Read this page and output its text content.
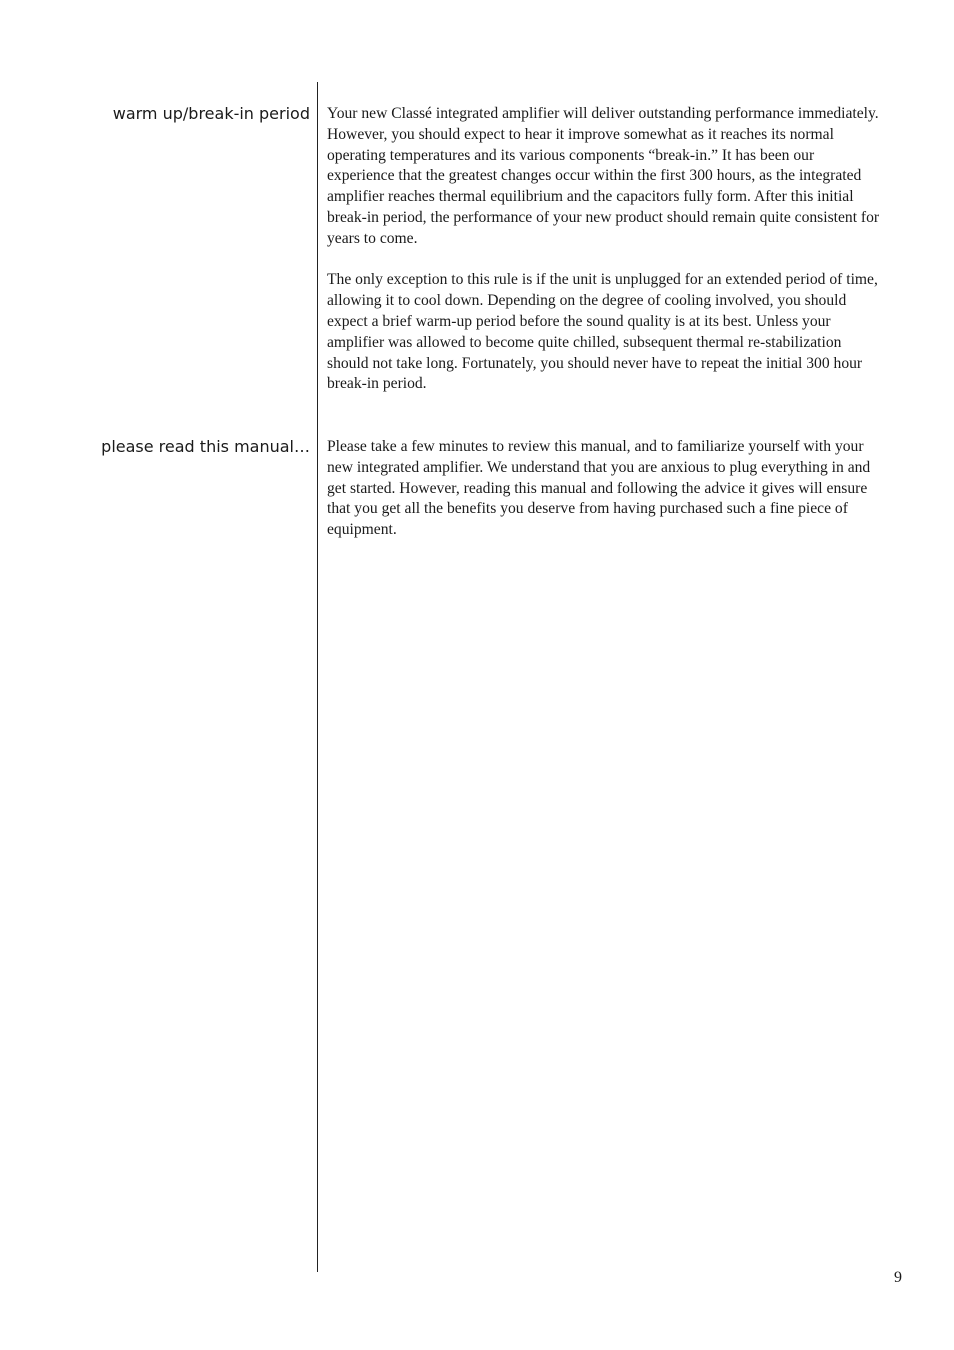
warm up/break-in period Your new Classé integrated amplifier will deliver outstanding performance immediately. However, you should expect to hear it improve somewhat as it reaches its normal operating temperatures and its various components “break-in.” It has been our experience that the greatest changes occur within the first 300 hours, as the integrated amplifier reaches thermal equilibrium and the capacitors fully form. After this initial break-in period, the performance of your new product should remain quite consistent for years to come.

The only exception to this rule is if the unit is unplugged for an extended period of time, allowing it to cool down. Depending on the degree of cooling involved, you should expect a brief warm-up period before the sound quality is at its best. Unless your amplifier was allowed to become quite chilled, subsequent thermal re-stabilization should not take long. Fortunately, you should never have to repeat the initial 300 hour break-in period.

please read this manual… Please take a few minutes to review this manual, and to familiarize yourself with your new integrated amplifier. We understand that you are anxious to plug everything in and get started. However, reading this manual and following the advice it gives will ensure that you get all the benefits you deserve from having purchased such a fine piece of equipment.

9
